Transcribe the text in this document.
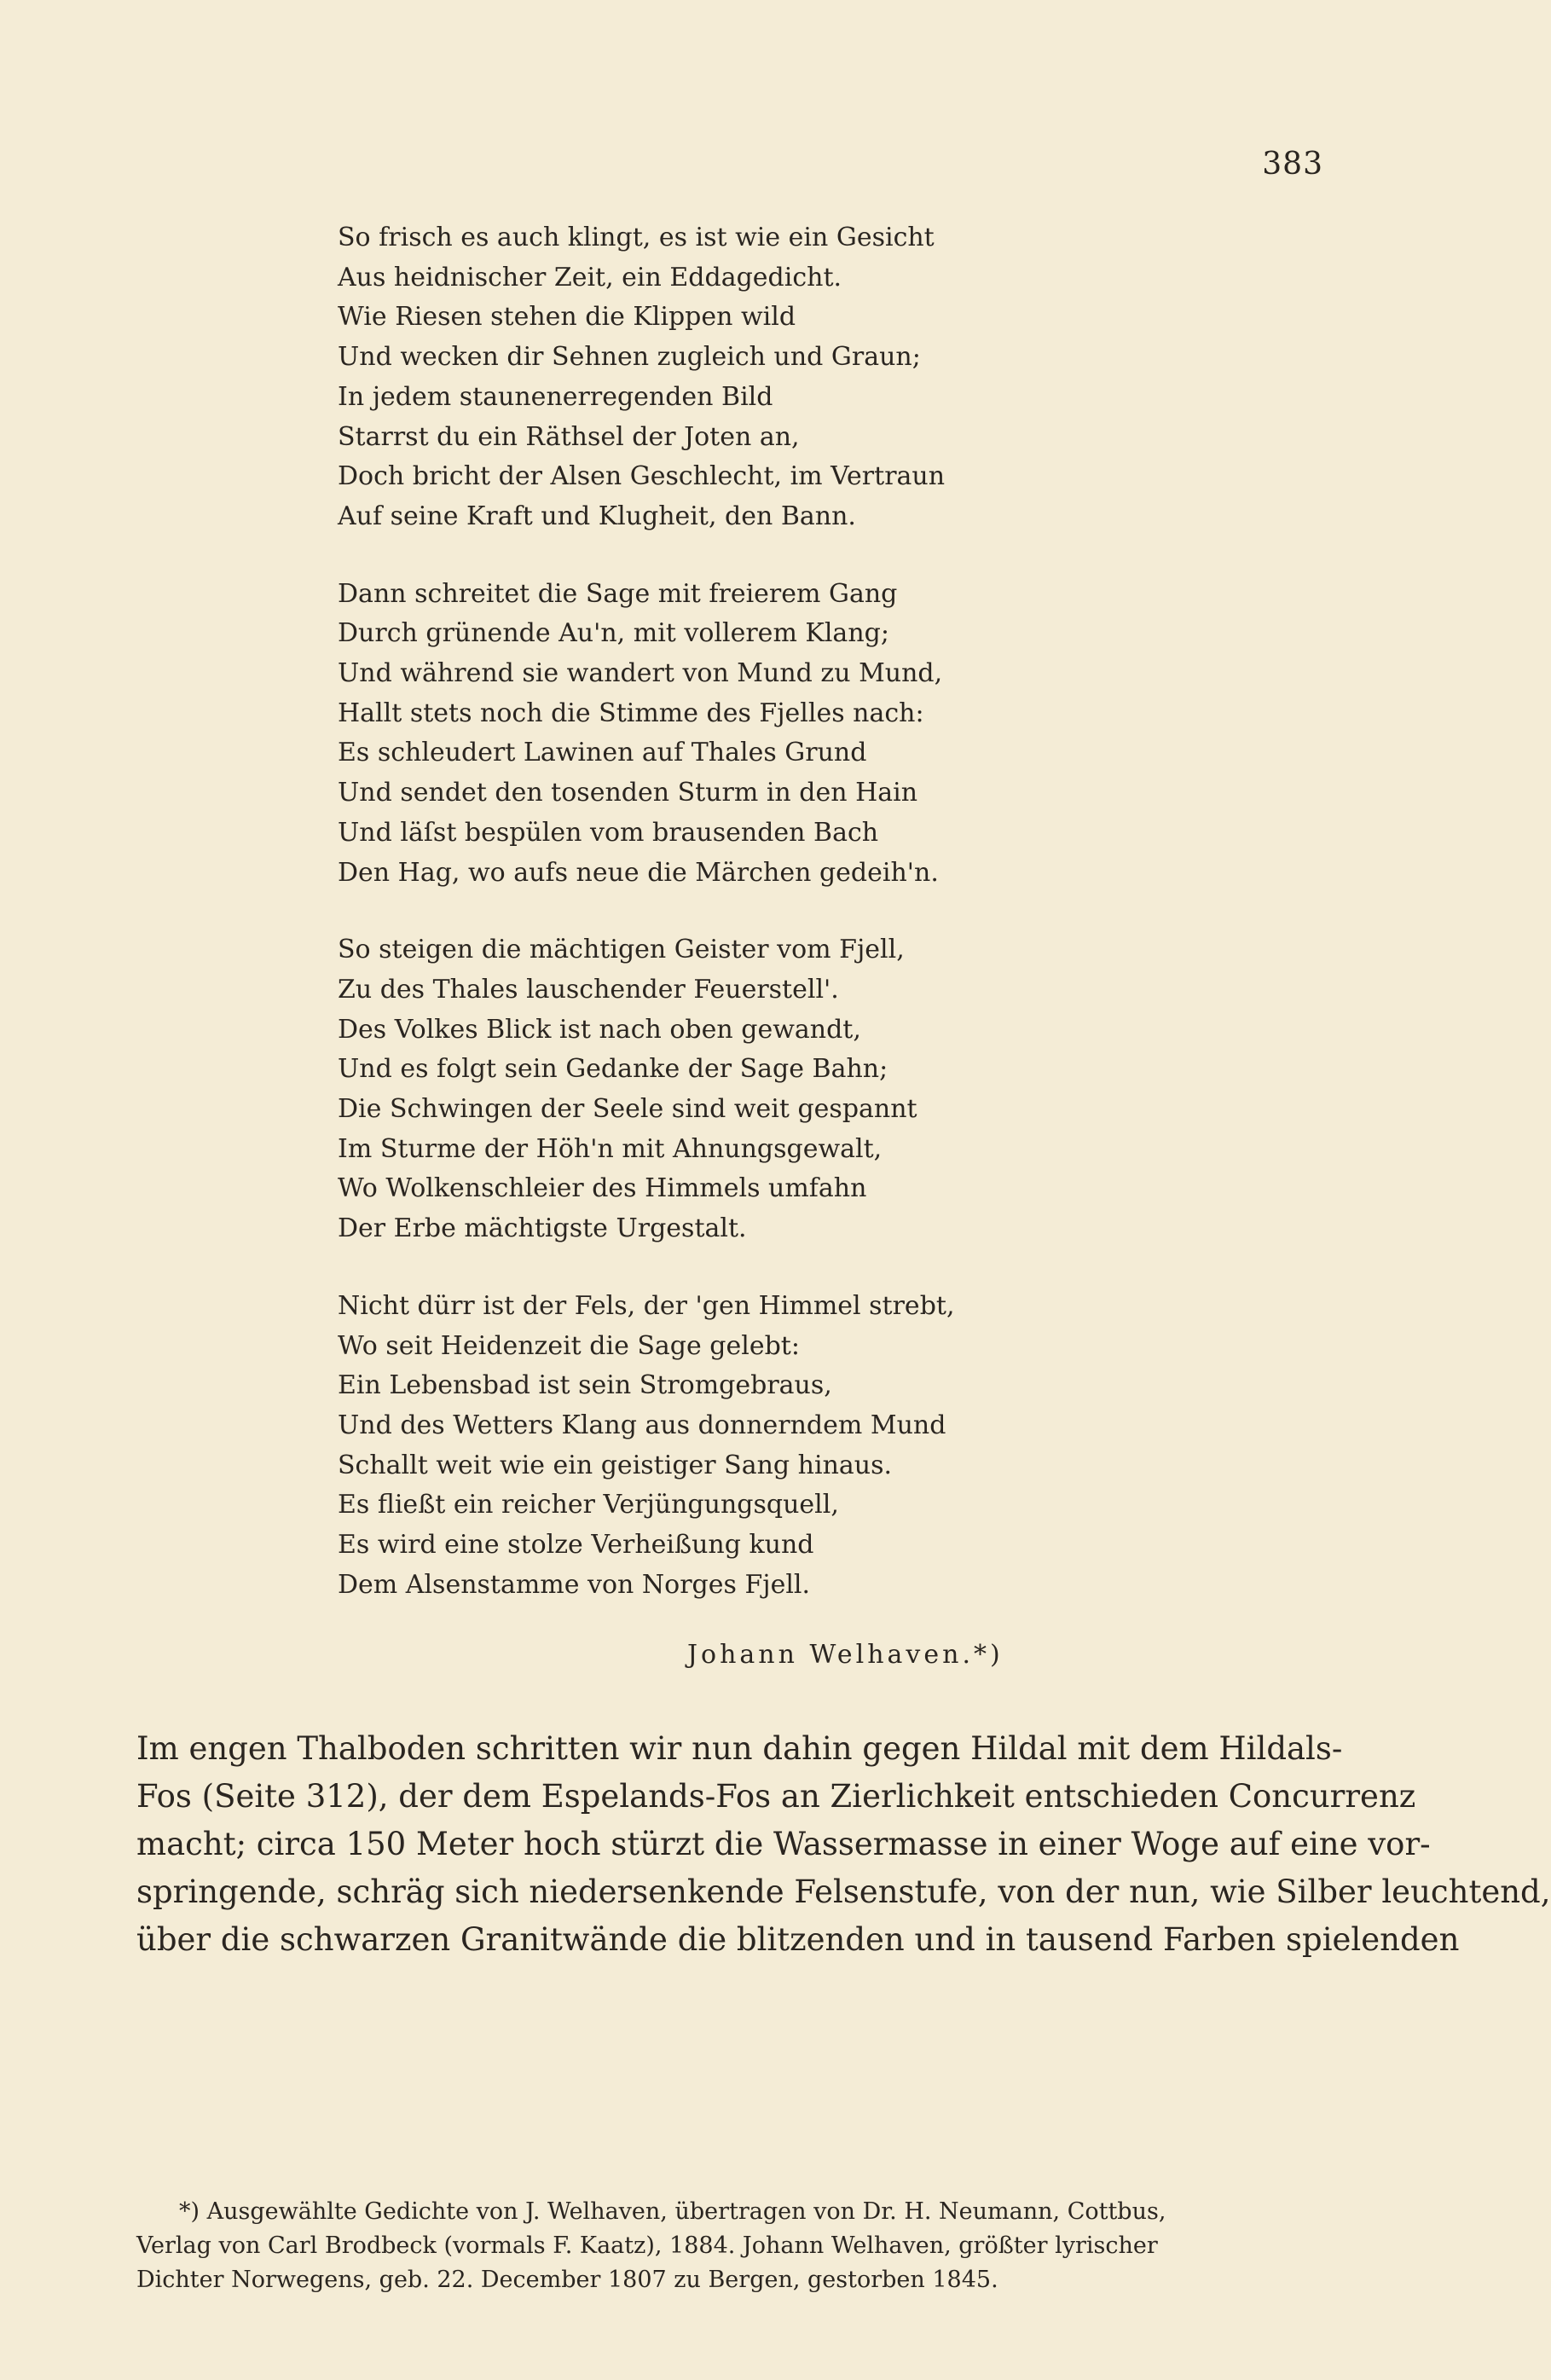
383
So frisch es auch klingt, es ist wie ein Gesicht
Aus heidnischer Zeit, ein Eddagedicht.
Wie Riesen stehen die Klippen wild
Und wecken dir Sehnen zugleich und Graun;
In jedem staunenerregenden Bild
Starrst du ein Räthsel der Joten an,
Doch bricht der Alsen Geschlecht, im Vertraun
Auf seine Kraft und Klugheit, den Bann.
Dann schreitet die Sage mit freierem Gang
Durch grünende Au'n, mit vollerem Klang;
Und während sie wandert von Mund zu Mund,
Hallt stets noch die Stimme des Fjelles nach:
Es schleudert Lawinen auf Thales Grund
Und sendet den tosenden Sturm in den Hain
Und läſst bespülen vom brausenden Bach
Den Hag, wo aufs neue die Märchen gedeih'n.
So steigen die mächtigen Geister vom Fjell,
Zu des Thales lauschender Feuerstell'.
Des Volkes Blick ist nach oben gewandt,
Und es folgt sein Gedanke der Sage Bahn;
Die Schwingen der Seele sind weit gespannt
Im Sturme der Höh'n mit Ahnungsgewalt,
Wo Wolkenschleier des Himmels umfahn
Der Erbe mächtigste Urgestalt.
Nicht dürr ist der Fels, der 'gen Himmel strebt,
Wo seit Heidenzeit die Sage gelebt:
Ein Lebensbad ist sein Stromgebraus,
Und des Wetters Klang aus donnerndem Mund
Schallt weit wie ein geistiger Sang hinaus.
Es fließt ein reicher Verjüngungsquell,
Es wird eine stolze Verheißung kund
Dem Alsenstamme von Norges Fjell.
Johann Welhaven.*)
Im engen Thalboden schritten wir nun dahin gegen Hildal mit dem Hildals-
Fos (Seite 312), der dem Espelands-Fos an Zierlichkeit entschieden Concurrenz
macht; circa 150 Meter hoch stürzt die Wassermasse in einer Woge auf eine vor-
springende, schräg sich niedersenkende Felsenstufe, von der nun, wie Silber leuchtend,
über die schwarzen Granitwände die blitzenden und in tausend Farben spielenden
*) Ausgewählte Gedichte von J. Welhaven, übertragen von Dr. H. Neumann, Cottbus,
Verlag von Carl Brodbeck (vormals F. Kaatz), 1884. Johann Welhaven, größter lyrischer
Dichter Norwegens, geb. 22. December 1807 zu Bergen, gestorben 1845.
